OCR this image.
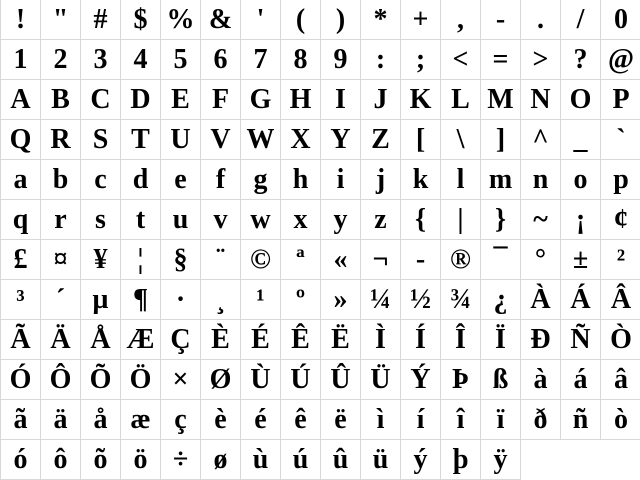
! " # $ % & '	(	)	* +	,	-	.	/	0
1 2 3 4 5 6 7 8 9	:	; < = > ? @
A B C D E F G H I J K L M N O P
Q R S T U V W X Y Z [	\	] ^ _	`
a b c d e	f	g h	i	j k	l m n o p
q r	s	t u v w x y z	{	|	} ~	¡	¢
£ ¤ ¥	¦	§	¨ © ª	« ¬ - ® ¯ ° ±	²
³	´ µ ¶ ·	¸	¹	º	» ¼ ½ ¾ ¿ À Á Â
Ã Ä Å Æ Ç È É Ê Ë Ì	Í	Î	Ï Ð Ñ Ò
Ó Ô Õ Ö × Ø Ù Ú Û Ü Ý Þ ß à á â
ã ä å æ ç è é ê ë	ì	í	î	ï	ð ñ ò
ó ô õ ö ÷ ø ù ú û ü ý þ ÿ
